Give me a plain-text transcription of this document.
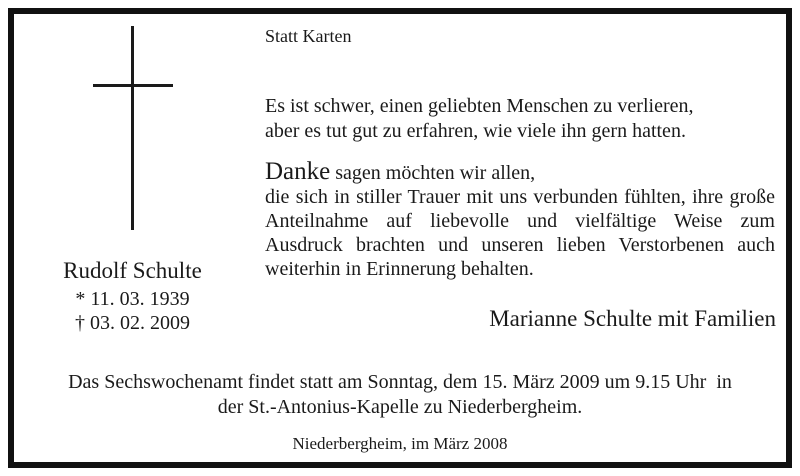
Statt Karten
Es ist schwer, einen geliebten Menschen zu verlieren,
aber es tut gut zu erfahren, wie viele ihn gern hatten.
Danke sagen möchten wir allen,
die sich in stiller Trauer mit uns verbunden fühlten, ihre große Anteilnahme auf liebevolle und vielfältige Weise zum Ausdruck brachten und unseren lieben Verstorbenen auch weiterhin in Erinnerung behalten.
Rudolf Schulte
* 11. 03. 1939
† 03. 02. 2009	Marianne Schulte mit Familien
Das Sechswochenamt findet statt am Sonntag, dem 15. März 2009 um 9.15 Uhr  in
der St.-Antonius-Kapelle zu Niederbergheim.
Niederbergheim, im März 2008
